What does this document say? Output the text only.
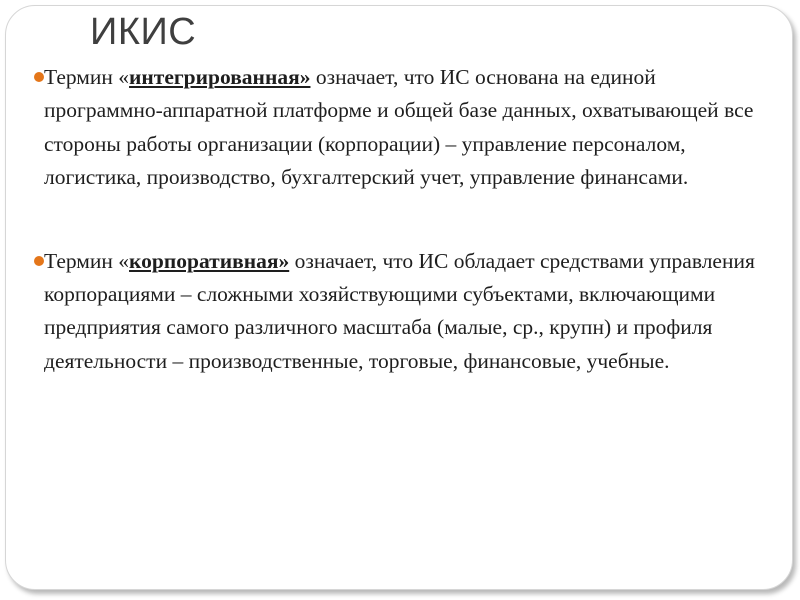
ИКИС

Термин «интегрированная» означает, что ИС основана на единой программно-аппаратной платформе и общей базе данных, охватывающей все стороны работы организации (корпорации) – управление персоналом, логистика, производство, бухгалтерский учет, управление финансами.

Термин «корпоративная» означает, что ИС обладает средствами управления корпорациями – сложными хозяйствующими субъектами, включающими предприятия самого различного масштаба (малые, ср., крупн) и профиля деятельности – производственные, торговые, финансовые, учебные.
